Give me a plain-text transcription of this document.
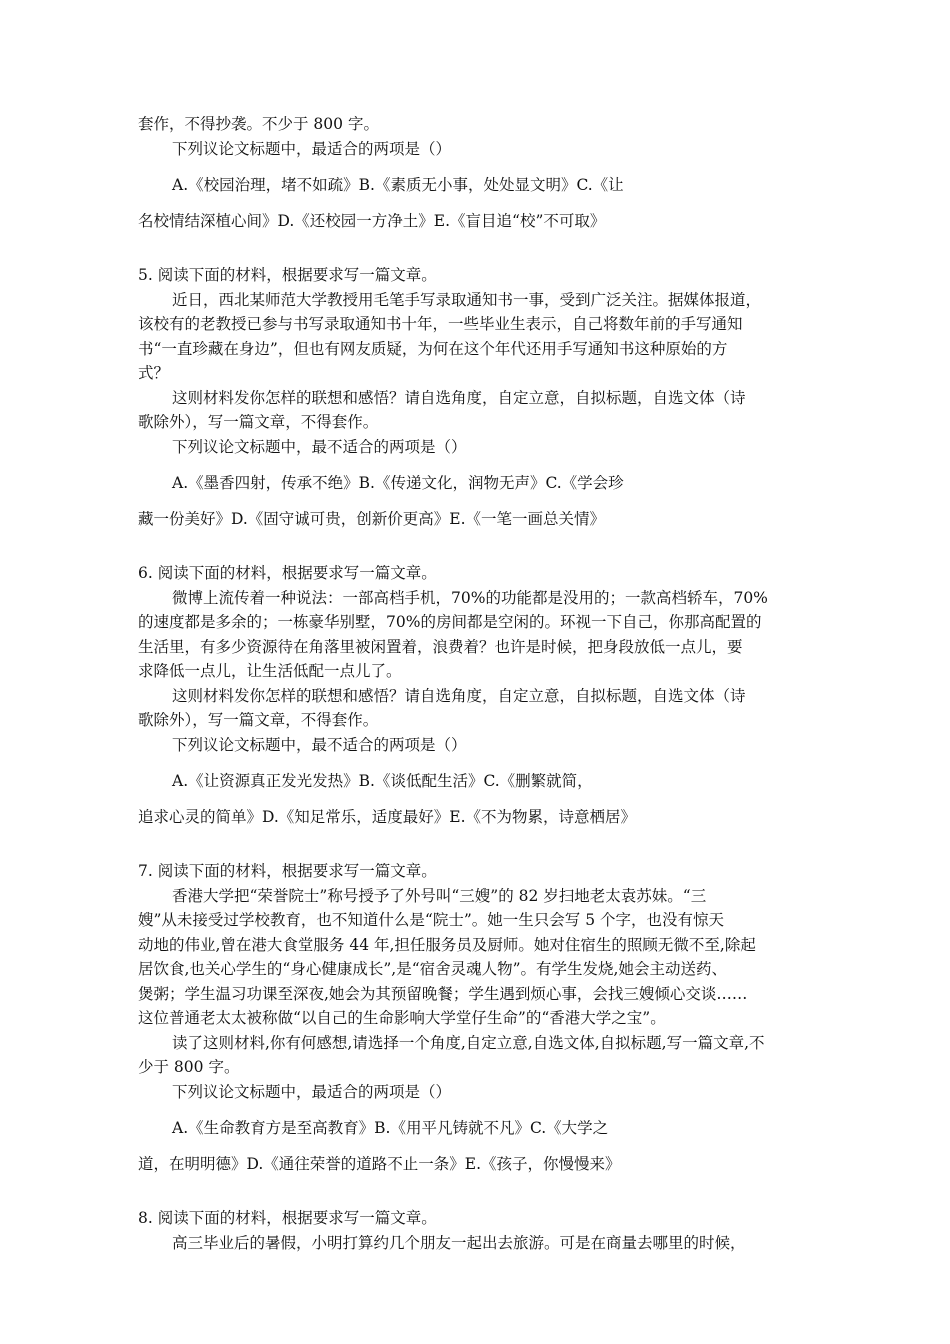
套作，不得抄袭。不少于 800 字。
下列议论文标题中，最适合的两项是（）
A.《校园治理，堵不如疏》B.《素质无小事，处处显文明》C.《让
名校情结深植心间》D.《还校园一方净土》E.《盲目追“校”不可取》
5. 阅读下面的材料，根据要求写一篇文章。
近日，西北某师范大学教授用毛笔手写录取通知书一事，受到广泛关注。据媒体报道，
该校有的老教授已参与书写录取通知书十年，一些毕业生表示，自己将数年前的手写通知
书“一直珍藏在身边”，但也有网友质疑，为何在这个年代还用手写通知书这种原始的方
式？
这则材料发你怎样的联想和感悟？请自选角度，自定立意，自拟标题，自选文体（诗
歌除外），写一篇文章，不得套作。
下列议论文标题中，最不适合的两项是（）
A.《墨香四射，传承不绝》B.《传递文化，润物无声》C.《学会珍
藏一份美好》D.《固守诚可贵，创新价更高》E.《一笔一画总关情》
6. 阅读下面的材料，根据要求写一篇文章。
微博上流传着一种说法：一部高档手机，70%的功能都是没用的；一款高档轿车，70%
的速度都是多余的；一栋豪华别墅，70%的房间都是空闲的。环视一下自己，你那高配置的
生活里，有多少资源待在角落里被闲置着，浪费着？也许是时候，把身段放低一点儿，要
求降低一点儿，让生活低配一点儿了。
这则材料发你怎样的联想和感悟？请自选角度，自定立意，自拟标题，自选文体（诗
歌除外），写一篇文章，不得套作。
下列议论文标题中，最不适合的两项是（）
A.《让资源真正发光发热》B.《谈低配生活》C.《删繁就简，
追求心灵的简单》D.《知足常乐，适度最好》E.《不为物累，诗意栖居》
7. 阅读下面的材料，根据要求写一篇文章。
香港大学把“荣誉院士”称号授予了外号叫“三嫂”的 82 岁扫地老太袁苏妹。“三
嫂”从未接受过学校教育，也不知道什么是“院士”。她一生只会写 5 个字，也没有惊天
动地的伟业,曾在港大食堂服务 44 年,担任服务员及厨师。她对住宿生的照顾无微不至,除起
居饮食,也关心学生的“身心健康成长”,是“宿舍灵魂人物”。有学生发烧,她会主动送药、
煲粥；学生温习功课至深夜,她会为其预留晚餐；学生遇到烦心事，会找三嫂倾心交谈……
这位普通老太太被称做“以自己的生命影响大学堂仔生命”的“香港大学之宝”。
读了这则材料,你有何感想,请选择一个角度,自定立意,自选文体,自拟标题,写一篇文章,不
少于 800 字。
下列议论文标题中，最适合的两项是（）
A.《生命教育方是至高教育》B.《用平凡铸就不凡》C.《大学之
道，在明明德》D.《通往荣誉的道路不止一条》E.《孩子，你慢慢来》
8. 阅读下面的材料，根据要求写一篇文章。
高三毕业后的暑假，小明打算约几个朋友一起出去旅游。可是在商量去哪里的时候，
